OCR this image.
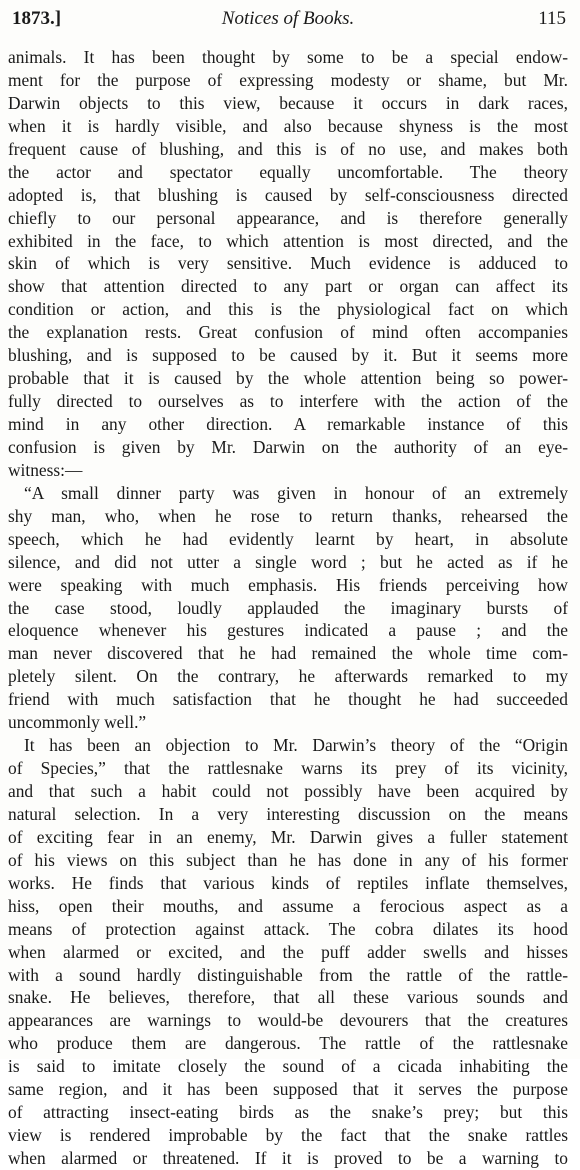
1873.]	Notices of Books.	115
animals. It has been thought by some to be a special endow-
ment for the purpose of expressing modesty or shame, but Mr.
Darwin objects to this view, because it occurs in dark races,
when it is hardly visible, and also because shyness is the most
frequent cause of blushing, and this is of no use, and makes both
the actor and spectator equally uncomfortable. The theory
adopted is, that blushing is caused by self-consciousness directed
chiefly to our personal appearance, and is therefore generally
exhibited in the face, to which attention is most directed, and the
skin of which is very sensitive. Much evidence is adduced to
show that attention directed to any part or organ can affect its
condition or action, and this is the physiological fact on which
the explanation rests. Great confusion of mind often accompanies
blushing, and is supposed to be caused by it. But it seems more
probable that it is caused by the whole attention being so power-
fully directed to ourselves as to interfere with the action of the
mind in any other direction. A remarkable instance of this
confusion is given by Mr. Darwin on the authority of an eye-
witness:—
“A small dinner party was given in honour of an extremely
shy man, who, when he rose to return thanks, rehearsed the
speech, which he had evidently learnt by heart, in absolute
silence, and did not utter a single word ; but he acted as if he
were speaking with much emphasis. His friends perceiving how
the case stood, loudly applauded the imaginary bursts of
eloquence whenever his gestures indicated a pause ; and the
man never discovered that he had remained the whole time com-
pletely silent. On the contrary, he afterwards remarked to my
friend with much satisfaction that he thought he had succeeded
uncommonly well.”
It has been an objection to Mr. Darwin’s theory of the “Origin
of Species,” that the rattlesnake warns its prey of its vicinity,
and that such a habit could not possibly have been acquired by
natural selection. In a very interesting discussion on the means
of exciting fear in an enemy, Mr. Darwin gives a fuller statement
of his views on this subject than he has done in any of his former
works. He finds that various kinds of reptiles inflate themselves,
hiss, open their mouths, and assume a ferocious aspect as a
means of protection against attack. The cobra dilates its hood
when alarmed or excited, and the puff adder swells and hisses
with a sound hardly distinguishable from the rattle of the rattle-
snake. He believes, therefore, that all these various sounds and
appearances are warnings to would-be devourers that the creatures
who produce them are dangerous. The rattle of the rattlesnake
is said to imitate closely the sound of a cicada inhabiting the
same region, and it has been supposed that it serves the purpose
of attracting insect-eating birds as the snake’s prey; but this
view is rendered improbable by the fact that the snake rattles
when alarmed or threatened. If it is proved to be a warning to
